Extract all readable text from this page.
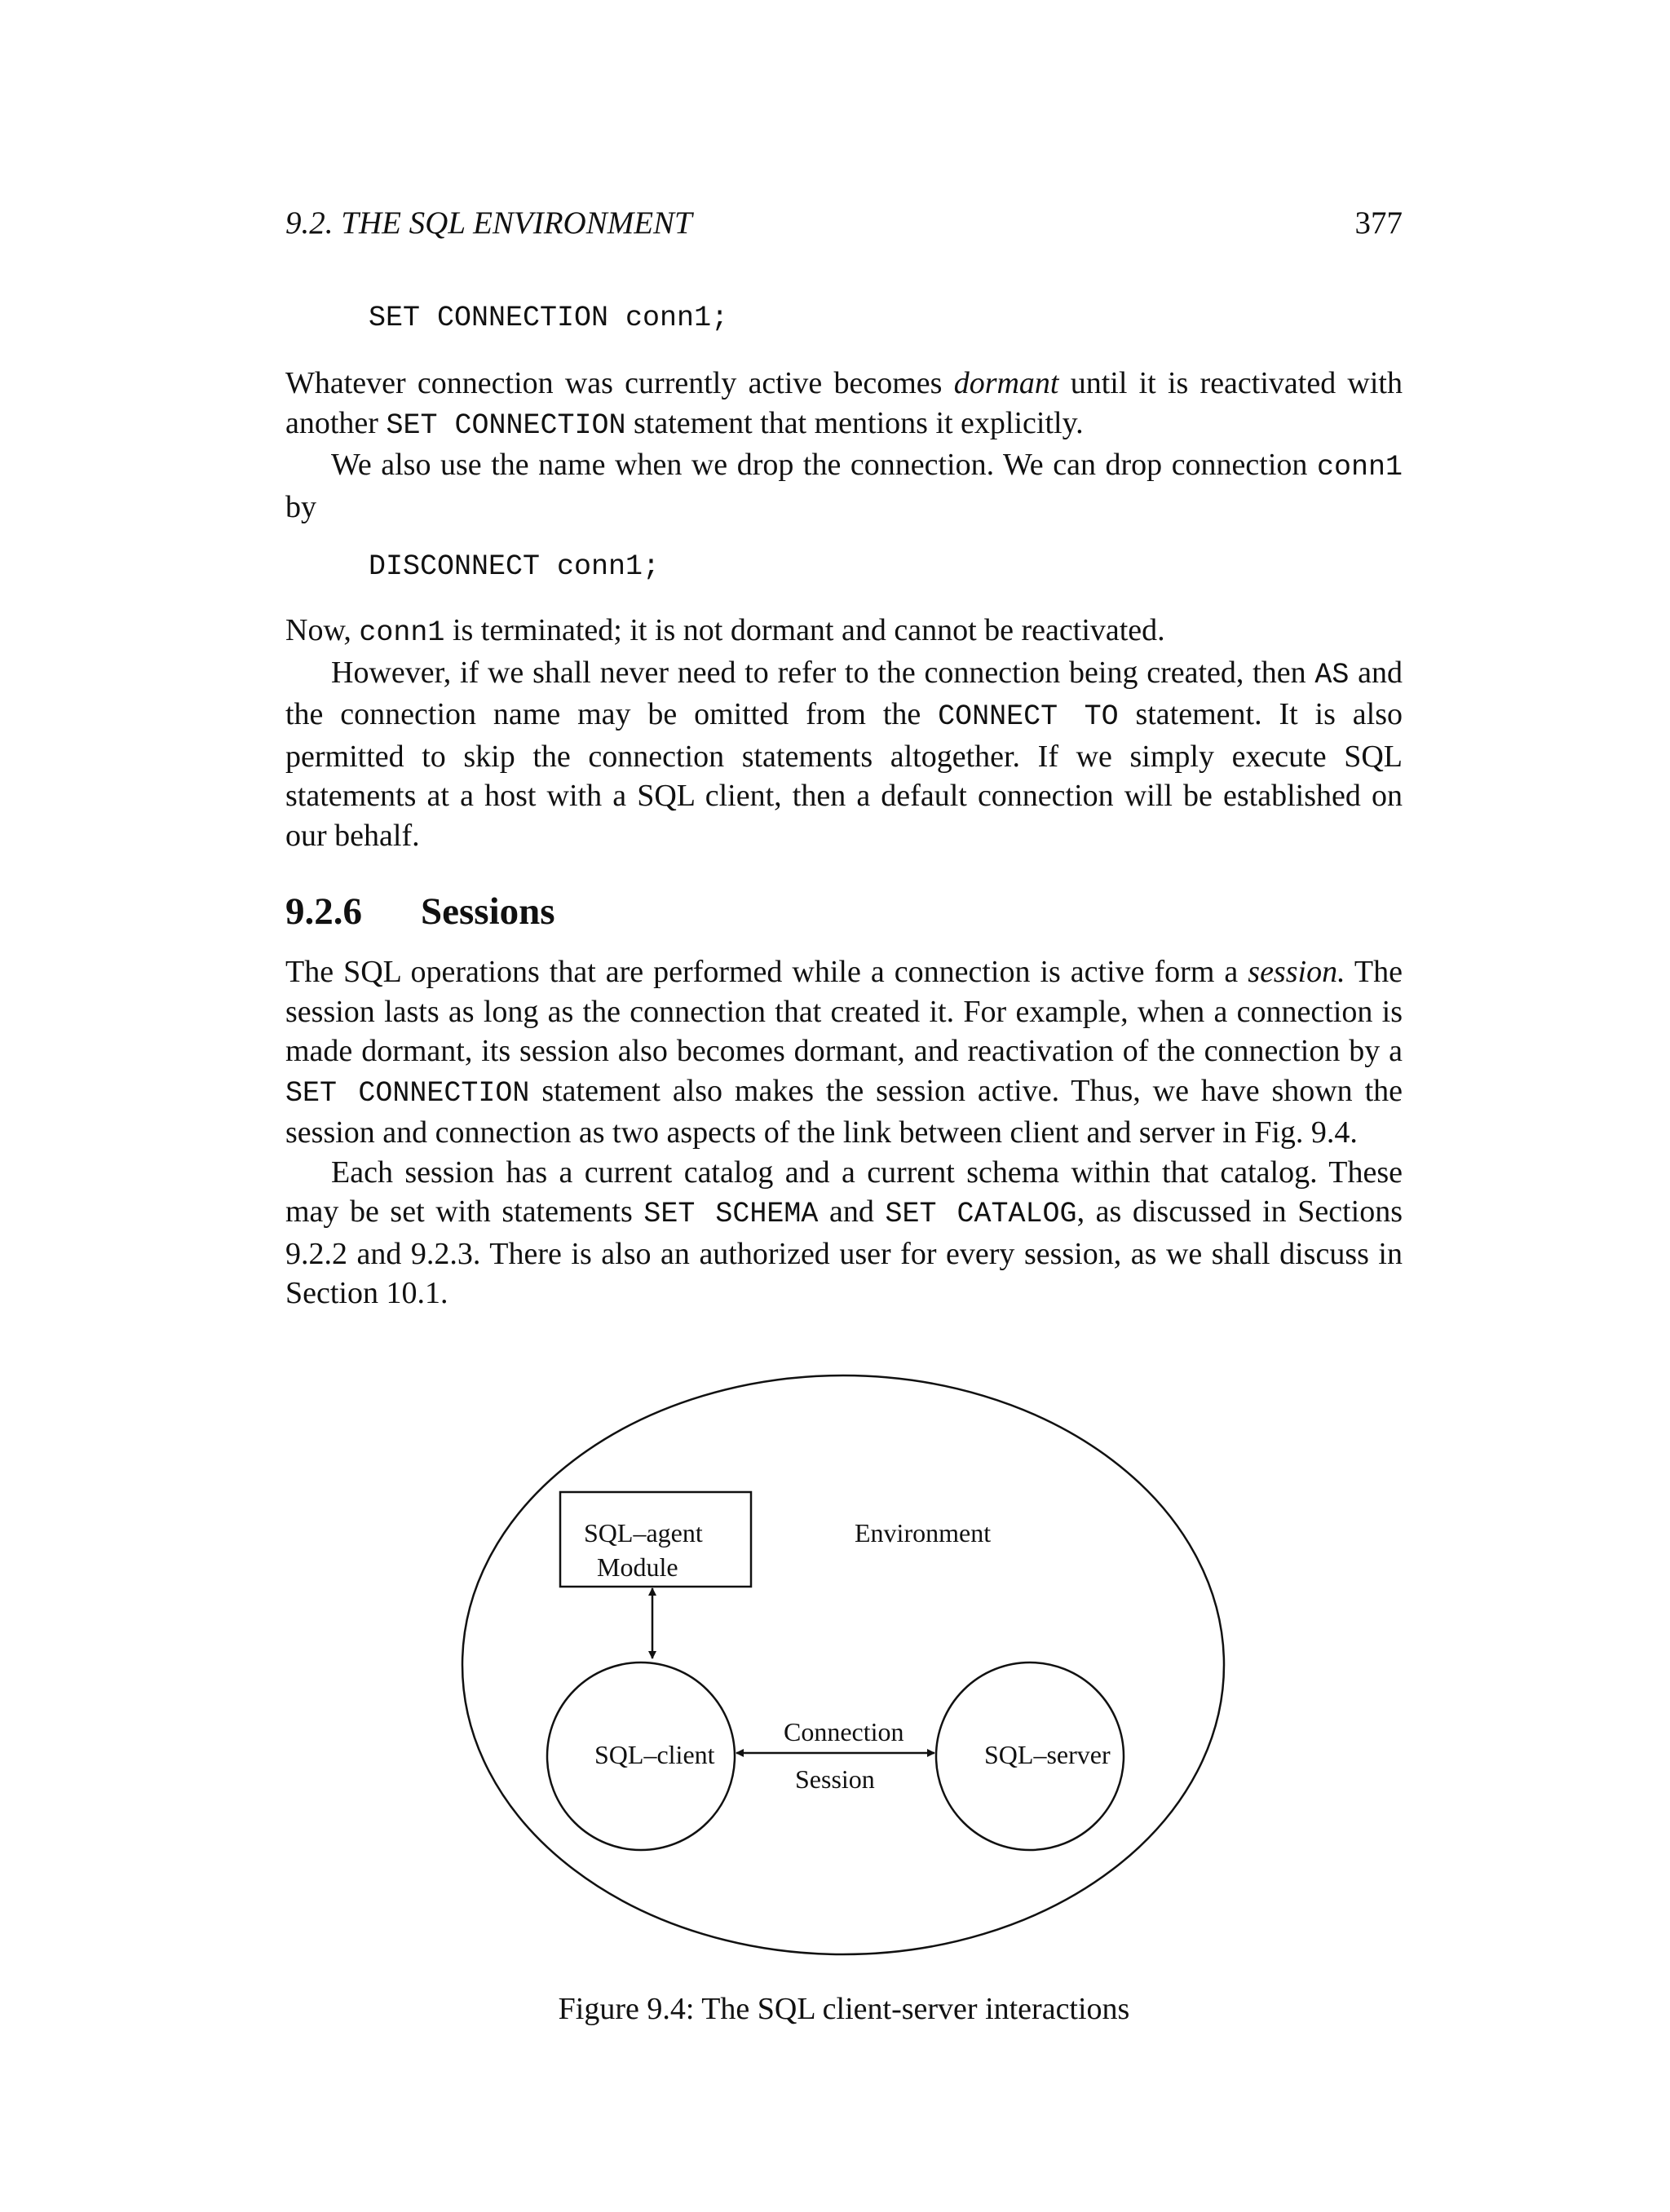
9.2. THE SQL ENVIRONMENT	377
SET CONNECTION conn1;

Whatever connection was currently active becomes dormant until it is reactivated with another SET CONNECTION statement that mentions it explicitly.

We also use the name when we drop the connection. We can drop connection conn1 by

DISCONNECT conn1;

Now, conn1 is terminated; it is not dormant and cannot be reactivated.

However, if we shall never need to refer to the connection being created, then AS and the connection name may be omitted from the CONNECT TO statement. It is also permitted to skip the connection statements altogether. If we simply execute SQL statements at a host with a SQL client, then a default connection will be established on our behalf.

9.2.6 Sessions

The SQL operations that are performed while a connection is active form a session. The session lasts as long as the connection that created it. For example, when a connection is made dormant, its session also becomes dormant, and reactivation of the connection by a SET CONNECTION statement also makes the session active. Thus, we have shown the session and connection as two aspects of the link between client and server in Fig. 9.4.

Each session has a current catalog and a current schema within that catalog. These may be set with statements SET SCHEMA and SET CATALOG, as discussed in Sections 9.2.2 and 9.2.3. There is also an authorized user for every session, as we shall discuss in Section 10.1.

Environment
SQL–agent
Module
SQL–client	SQL–server
Connection
Session
Figure 9.4: The SQL client-server interactions
